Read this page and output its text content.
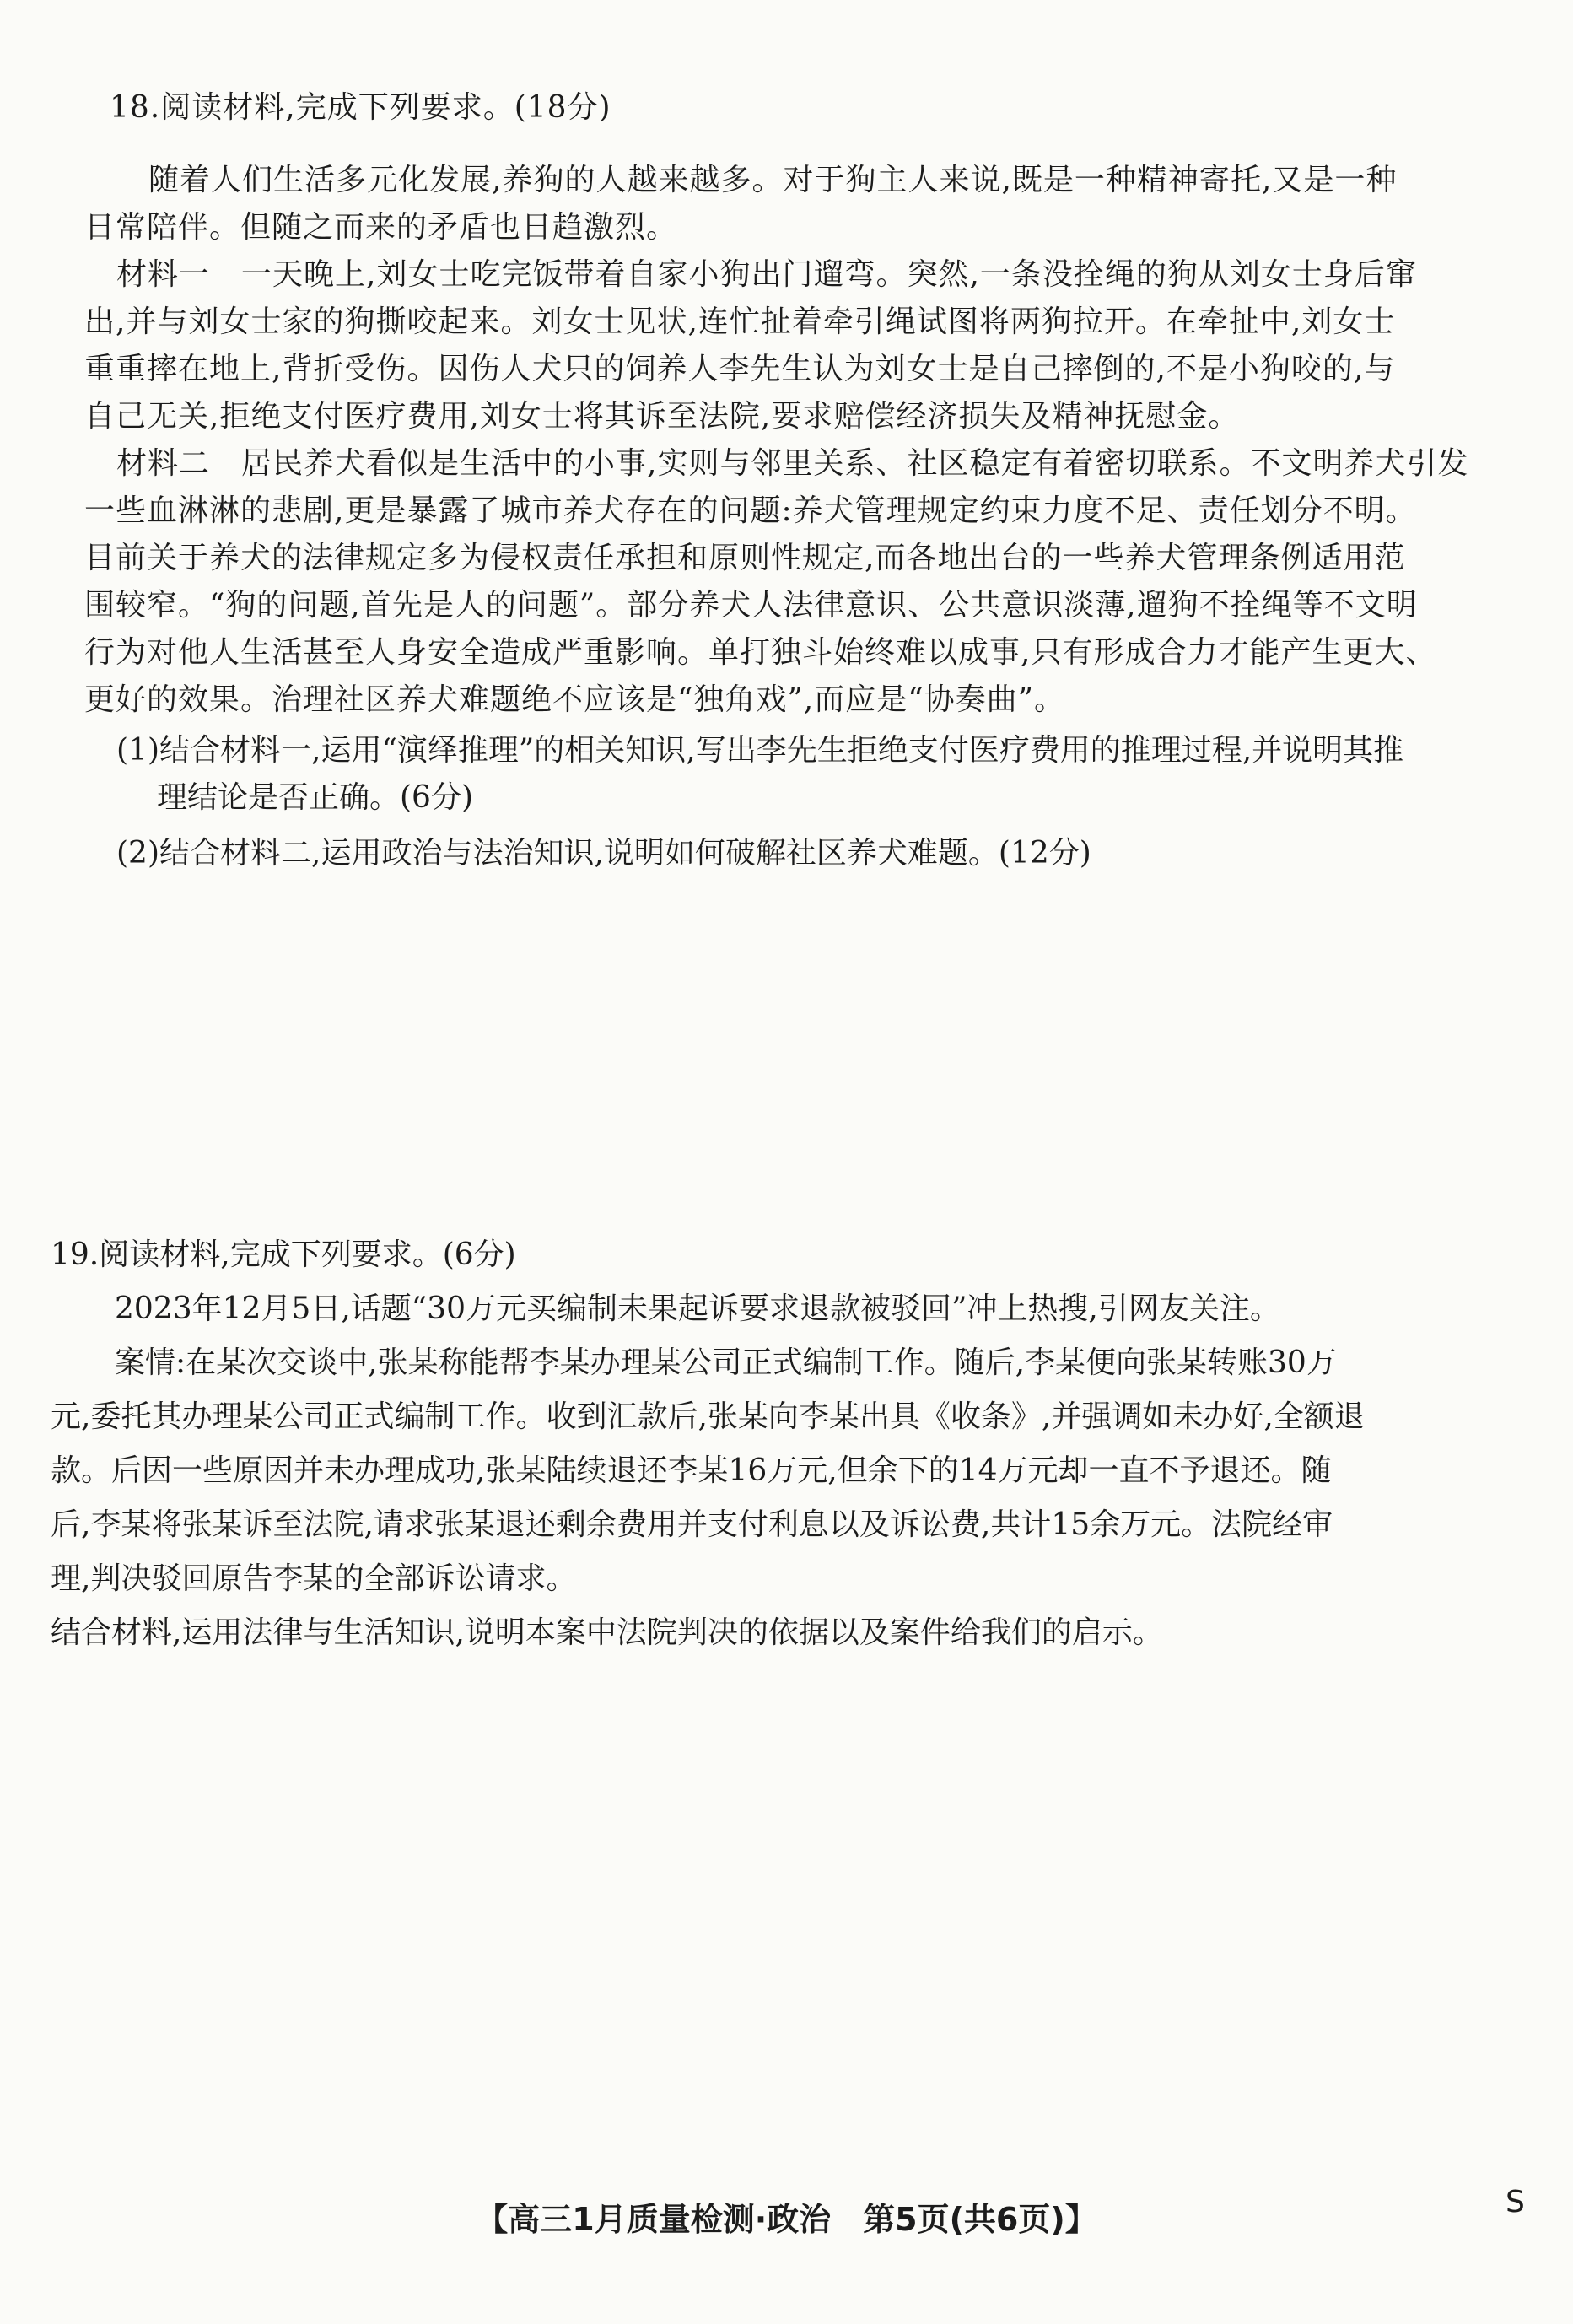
18.阅读材料,完成下列要求。(18分)

随着人们生活多元化发展,养狗的人越来越多。对于狗主人来说,既是一种精神寄托,又是一种

日常陪伴。但随之而来的矛盾也日趋激烈。

材料一　一天晚上,刘女士吃完饭带着自家小狗出门遛弯。突然,一条没拴绳的狗从刘女士身后窜

出,并与刘女士家的狗撕咬起来。刘女士见状,连忙扯着牵引绳试图将两狗拉开。在牵扯中,刘女士

重重摔在地上,背折受伤。因伤人犬只的饲养人李先生认为刘女士是自己摔倒的,不是小狗咬的,与

自己无关,拒绝支付医疗费用,刘女士将其诉至法院,要求赔偿经济损失及精神抚慰金。

材料二　居民养犬看似是生活中的小事,实则与邻里关系、社区稳定有着密切联系。不文明养犬引发

一些血淋淋的悲剧,更是暴露了城市养犬存在的问题:养犬管理规定约束力度不足、责任划分不明。

目前关于养犬的法律规定多为侵权责任承担和原则性规定,而各地出台的一些养犬管理条例适用范

围较窄。“狗的问题,首先是人的问题”。部分养犬人法律意识、公共意识淡薄,遛狗不拴绳等不文明

行为对他人生活甚至人身安全造成严重影响。单打独斗始终难以成事,只有形成合力才能产生更大、

更好的效果。治理社区养犬难题绝不应该是“独角戏”,而应是“协奏曲”。

(1)结合材料一,运用“演绎推理”的相关知识,写出李先生拒绝支付医疗费用的推理过程,并说明其推

理结论是否正确。(6分)

(2)结合材料二,运用政治与法治知识,说明如何破解社区养犬难题。(12分)

19.阅读材料,完成下列要求。(6分)

2023年12月5日,话题“30万元买编制未果起诉要求退款被驳回”冲上热搜,引网友关注。

案情:在某次交谈中,张某称能帮李某办理某公司正式编制工作。随后,李某便向张某转账30万

元,委托其办理某公司正式编制工作。收到汇款后,张某向李某出具《收条》,并强调如未办好,全额退

款。后因一些原因并未办理成功,张某陆续退还李某16万元,但余下的14万元却一直不予退还。随

后,李某将张某诉至法院,请求张某退还剩余费用并支付利息以及诉讼费,共计15余万元。法院经审

理,判决驳回原告李某的全部诉讼请求。

结合材料,运用法律与生活知识,说明本案中法院判决的依据以及案件给我们的启示。

【高三1月质量检测·政治　第5页(共6页)】	S
